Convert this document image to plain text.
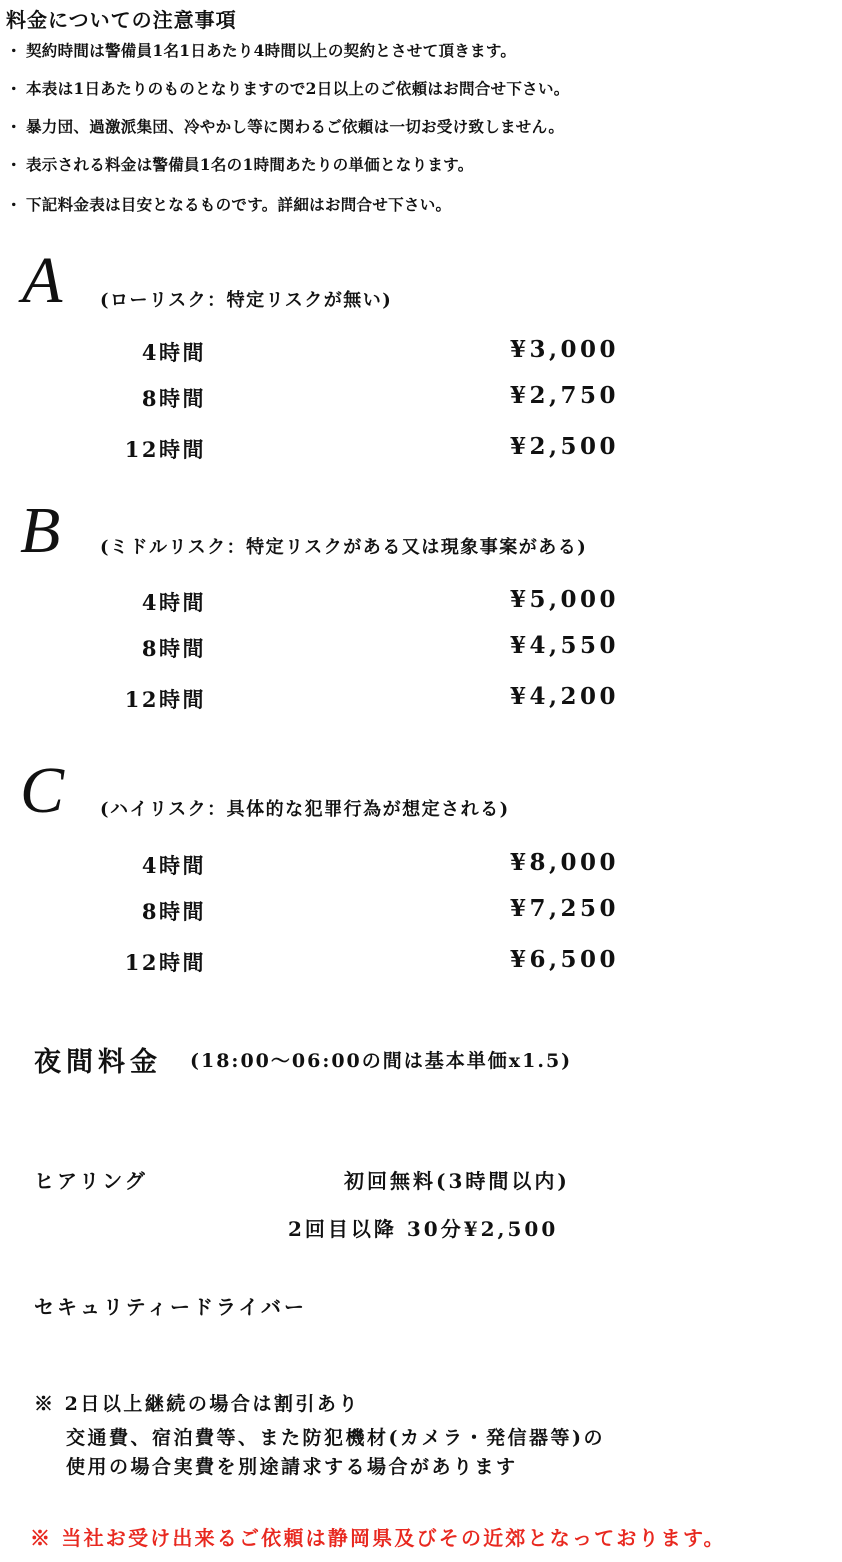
料金についての注意事項
・ 契約時間は警備員1名1日あたり4時間以上の契約とさせて頂きます。
・ 本表は1日あたりのものとなりますので2日以上のご依頼はお問合せ下さい。
・ 暴力団、過激派集団、冷やかし等に関わるご依頼は一切お受け致しません。
・ 表示される料金は警備員1名の1時間あたりの単価となります。
・ 下記料金表は目安となるものです。詳細はお問合せ下さい。
A (ローリスク：特定リスクが無い)
4時間	¥3,000
8時間	¥2,750
12時間	¥2,500
B (ミドルリスク：特定リスクがある又は現象事案がある)
4時間	¥5,000
8時間	¥4,550
12時間	¥4,200
C (ハイリスク：具体的な犯罪行為が想定される)
4時間	¥8,000
8時間	¥7,250
12時間	¥6,500
夜間料金 (18:00〜06:00の間は基本単価x1.5)
ヒアリング	初回無料(3時間以内)
2回目以降 30分¥2,500
セキュリティードライバー
※ 2日以上継続の場合は割引あり
交通費、宿泊費等、また防犯機材(カメラ・発信器等)の
使用の場合実費を別途請求する場合があります
※ 当社お受け出来るご依頼は静岡県及びその近郊となっております。
